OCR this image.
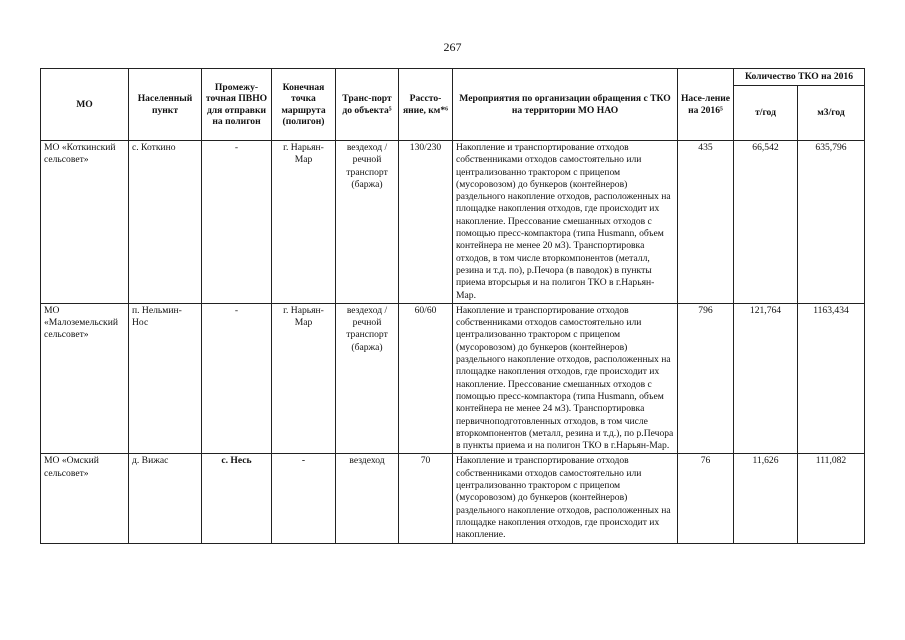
267
МО	Населенный пункт	Промежу-точная ПВНО для отправки на полигон	Конечная точка маршрута (полигон)	Транс-порт до объекта⁵	Рассто-яние, км*⁶	Мероприятия по организации обращения с ТКО на территории МО НАО	Насе-ление на 2016⁵	Количество ТКО на 2016	
								т/год	м3/год
МО «Коткинский сельсовет»	с. Коткино	-	г. Нарьян-Мар	вездеход / речной транспорт (баржа)	130/230	Накопление и транспортирование отходов собственниками отходов самостоятельно или централизованно трактором с прицепом (мусоровозом) до бункеров (контейнеров) раздельного накопление отходов, расположенных на площадке накопления отходов, где происходит их накопление. Прессование смешанных отходов с помощью пресс-компактора (типа Husmann, объем контейнера не менее 20 м3). Транспортировка отходов, в том числе вторкомпонентов (металл, резина и т.д. по), р.Печора (в паводок) в пункты приема вторсырья и на полигон ТКО в г.Нарьян-Мар.	435	66,542	635,796
МО «Малоземельский сельсовет»	п. Нельмин-Нос	-	г. Нарьян-Мар	вездеход / речной транспорт (баржа)	60/60	Накопление и транспортирование отходов собственниками отходов самостоятельно или централизованно трактором с прицепом (мусоровозом) до бункеров (контейнеров) раздельного накопление отходов, расположенных на площадке накопления отходов, где происходит их накопление. Прессование смешанных отходов с помощью пресс-компактора (типа Husmann, объем контейнера не менее 24 м3). Транспортировка первичноподготовленных отходов, в том числе вторкомпонентов (металл, резина и т.д.), по р.Печора в пункты приема и на полигон ТКО в г.Нарьян-Мар.	796	121,764	1163,434
МО «Омский сельсовет»	д. Вижас	с. Несь	-	вездеход	70	Накопление и транспортирование отходов собственниками отходов самостоятельно или централизованно трактором с прицепом (мусоровозом) до бункеров (контейнеров) раздельного накопление отходов, расположенных на площадке накопления отходов, где происходит их накопление.	76	11,626	111,082
